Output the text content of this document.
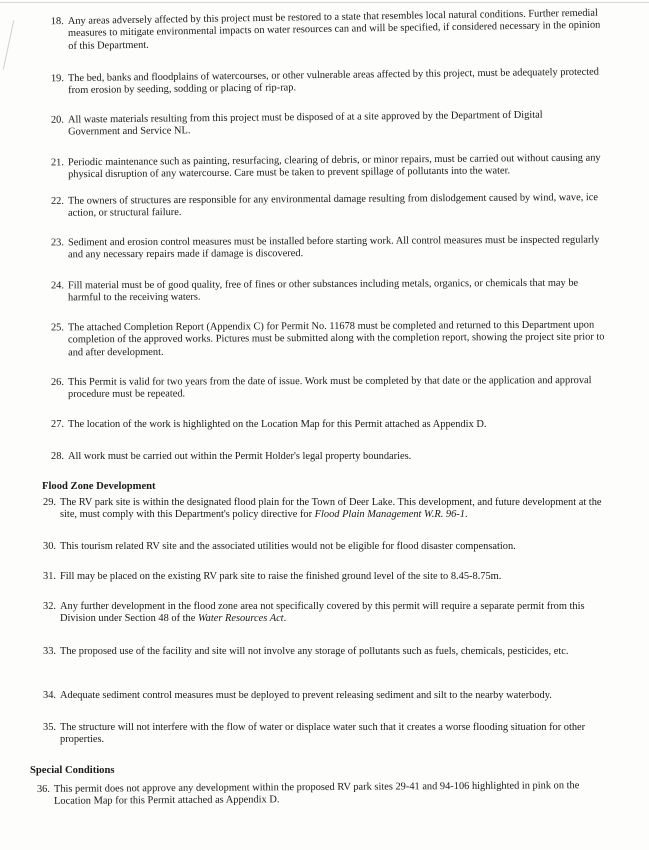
18. Any areas adversely affected by this project must be restored to a state that resembles local natural conditions. Further remedial measures to mitigate environmental impacts on water resources can and will be specified, if considered necessary in the opinion of this Department.
19. The bed, banks and floodplains of watercourses, or other vulnerable areas affected by this project, must be adequately protected from erosion by seeding, sodding or placing of rip-rap.
20. All waste materials resulting from this project must be disposed of at a site approved by the Department of Digital Government and Service NL.
21. Periodic maintenance such as painting, resurfacing, clearing of debris, or minor repairs, must be carried out without causing any physical disruption of any watercourse. Care must be taken to prevent spillage of pollutants into the water.
22. The owners of structures are responsible for any environmental damage resulting from dislodgement caused by wind, wave, ice action, or structural failure.
23. Sediment and erosion control measures must be installed before starting work. All control measures must be inspected regularly and any necessary repairs made if damage is discovered.
24. Fill material must be of good quality, free of fines or other substances including metals, organics, or chemicals that may be harmful to the receiving waters.
25. The attached Completion Report (Appendix C) for Permit No. 11678 must be completed and returned to this Department upon completion of the approved works. Pictures must be submitted along with the completion report, showing the project site prior to and after development.
26. This Permit is valid for two years from the date of issue. Work must be completed by that date or the application and approval procedure must be repeated.
27. The location of the work is highlighted on the Location Map for this Permit attached as Appendix D.
28. All work must be carried out within the Permit Holder's legal property boundaries.
Flood Zone Development
29. The RV park site is within the designated flood plain for the Town of Deer Lake. This development, and future development at the site, must comply with this Department's policy directive for Flood Plain Management W.R. 96-1.
30. This tourism related RV site and the associated utilities would not be eligible for flood disaster compensation.
31. Fill may be placed on the existing RV park site to raise the finished ground level of the site to 8.45-8.75m.
32. Any further development in the flood zone area not specifically covered by this permit will require a separate permit from this Division under Section 48 of the Water Resources Act.
33. The proposed use of the facility and site will not involve any storage of pollutants such as fuels, chemicals, pesticides, etc.
34. Adequate sediment control measures must be deployed to prevent releasing sediment and silt to the nearby waterbody.
35. The structure will not interfere with the flow of water or displace water such that it creates a worse flooding situation for other properties.
Special Conditions
36. This permit does not approve any development within the proposed RV park sites 29-41 and 94-106 highlighted in pink on the Location Map for this Permit attached as Appendix D.
